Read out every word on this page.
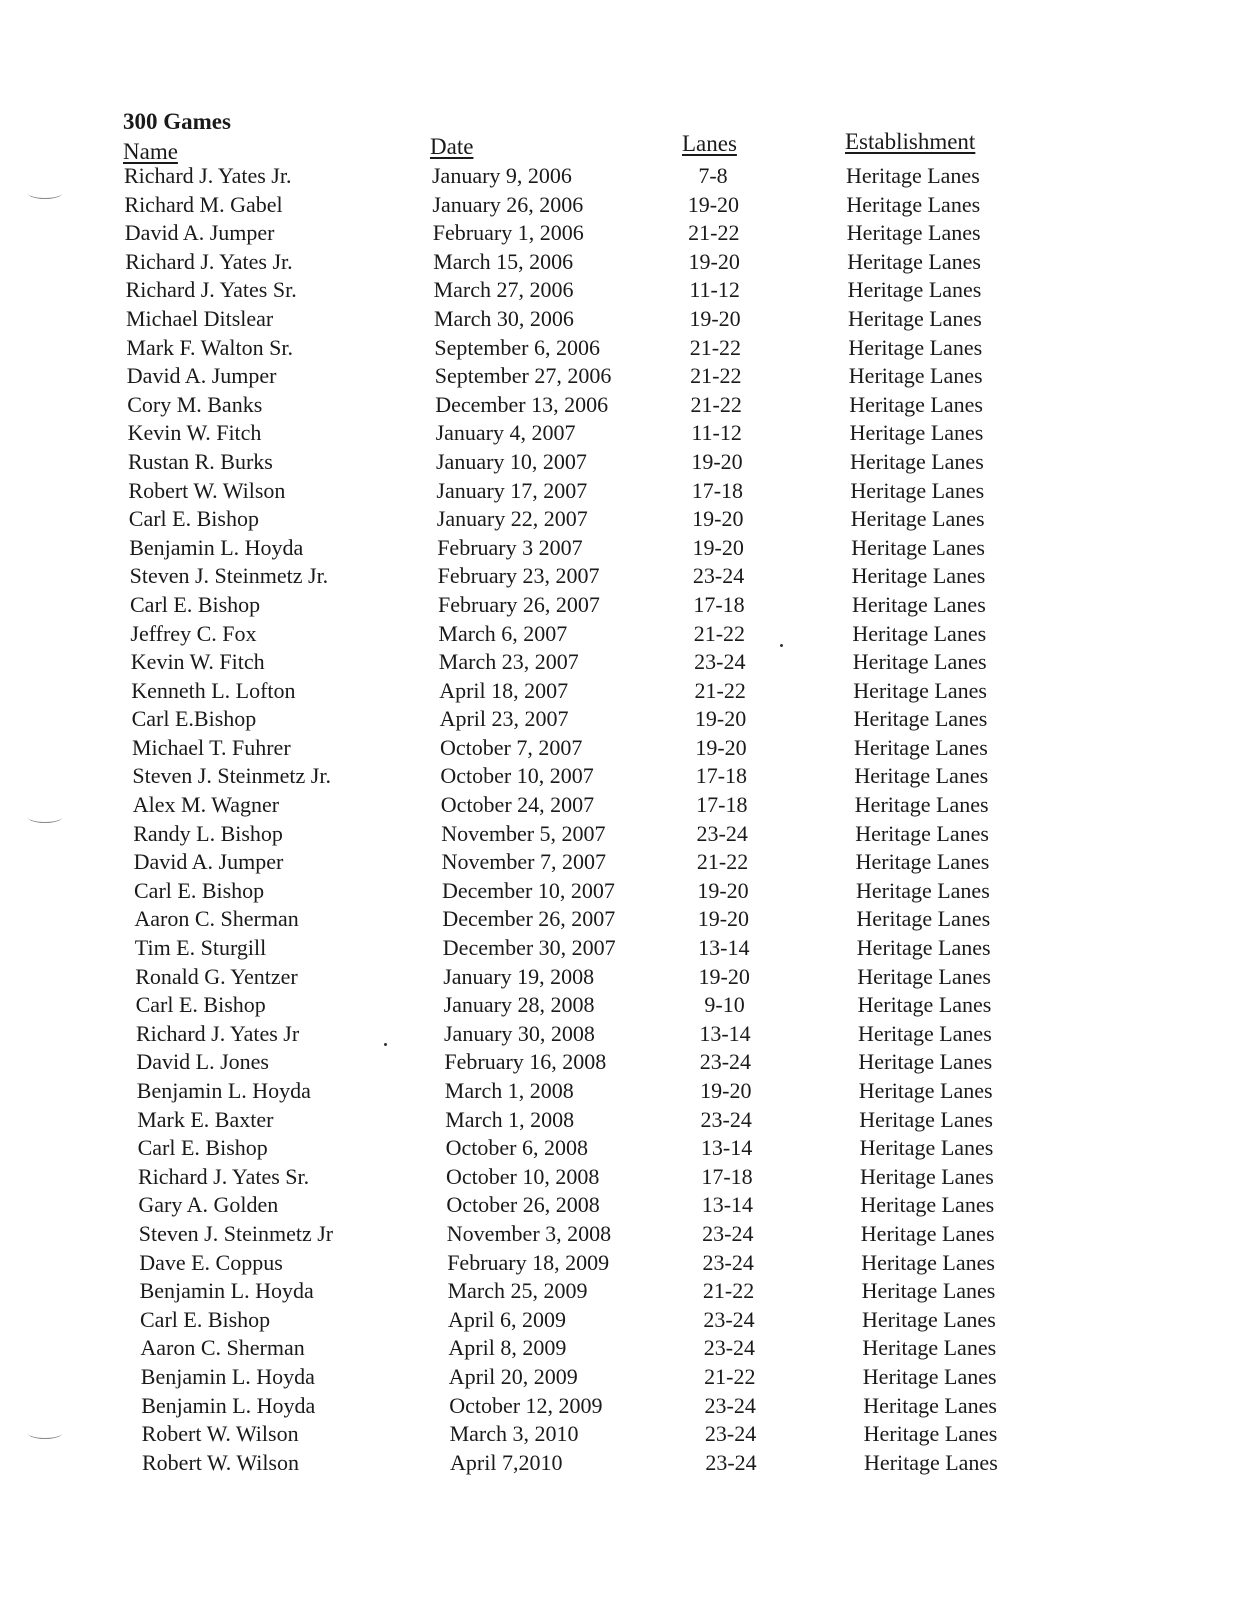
300 Games
Name	Date	Lanes	Establishment
Richard J. Yates Jr.	January 9, 2006	7-8	Heritage Lanes
Richard M. Gabel	January 26, 2006	19-20	Heritage Lanes
David A. Jumper	February 1, 2006	21-22	Heritage Lanes
Richard J. Yates Jr.	March 15, 2006	19-20	Heritage Lanes
Richard J. Yates Sr.	March 27, 2006	11-12	Heritage Lanes
Michael Ditslear	March 30, 2006	19-20	Heritage Lanes
Mark F. Walton Sr.	September 6, 2006	21-22	Heritage Lanes
David A. Jumper	September 27, 2006	21-22	Heritage Lanes
Cory M. Banks	December 13, 2006	21-22	Heritage Lanes
Kevin W. Fitch	January 4, 2007	11-12	Heritage Lanes
Rustan R. Burks	January 10, 2007	19-20	Heritage Lanes
Robert W. Wilson	January 17, 2007	17-18	Heritage Lanes
Carl E. Bishop	January 22, 2007	19-20	Heritage Lanes
Benjamin L. Hoyda	February 3 2007	19-20	Heritage Lanes
Steven J. Steinmetz Jr.	February 23, 2007	23-24	Heritage Lanes
Carl E. Bishop	February 26, 2007	17-18	Heritage Lanes
Jeffrey C. Fox	March 6, 2007	21-22	Heritage Lanes
Kevin W. Fitch	March 23, 2007	23-24	Heritage Lanes
Kenneth L. Lofton	April 18, 2007	21-22	Heritage Lanes
Carl E.Bishop	April 23, 2007	19-20	Heritage Lanes
Michael T. Fuhrer	October 7, 2007	19-20	Heritage Lanes
Steven J. Steinmetz Jr.	October 10, 2007	17-18	Heritage Lanes
Alex M. Wagner	October 24, 2007	17-18	Heritage Lanes
Randy L. Bishop	November 5, 2007	23-24	Heritage Lanes
David A. Jumper	November 7, 2007	21-22	Heritage Lanes
Carl E. Bishop	December 10, 2007	19-20	Heritage Lanes
Aaron C. Sherman	December 26, 2007	19-20	Heritage Lanes
Tim E. Sturgill	December 30, 2007	13-14	Heritage Lanes
Ronald G. Yentzer	January 19, 2008	19-20	Heritage Lanes
Carl E. Bishop	January 28, 2008	9-10	Heritage Lanes
Richard J. Yates Jr	January 30, 2008	13-14	Heritage Lanes
David L. Jones	February 16, 2008	23-24	Heritage Lanes
Benjamin L. Hoyda	March 1, 2008	19-20	Heritage Lanes
Mark E. Baxter	March 1, 2008	23-24	Heritage Lanes
Carl E. Bishop	October 6, 2008	13-14	Heritage Lanes
Richard J. Yates Sr.	October 10, 2008	17-18	Heritage Lanes
Gary A. Golden	October 26, 2008	13-14	Heritage Lanes
Steven J. Steinmetz Jr	November 3, 2008	23-24	Heritage Lanes
Dave E. Coppus	February 18, 2009	23-24	Heritage Lanes
Benjamin L. Hoyda	March 25, 2009	21-22	Heritage Lanes
Carl E. Bishop	April 6, 2009	23-24	Heritage Lanes
Aaron C. Sherman	April 8, 2009	23-24	Heritage Lanes
Benjamin L. Hoyda	April 20, 2009	21-22	Heritage Lanes
Benjamin L. Hoyda	October 12, 2009	23-24	Heritage Lanes
Robert W. Wilson	March 3, 2010	23-24	Heritage Lanes
Robert W. Wilson	April 7,2010	23-24	Heritage Lanes
